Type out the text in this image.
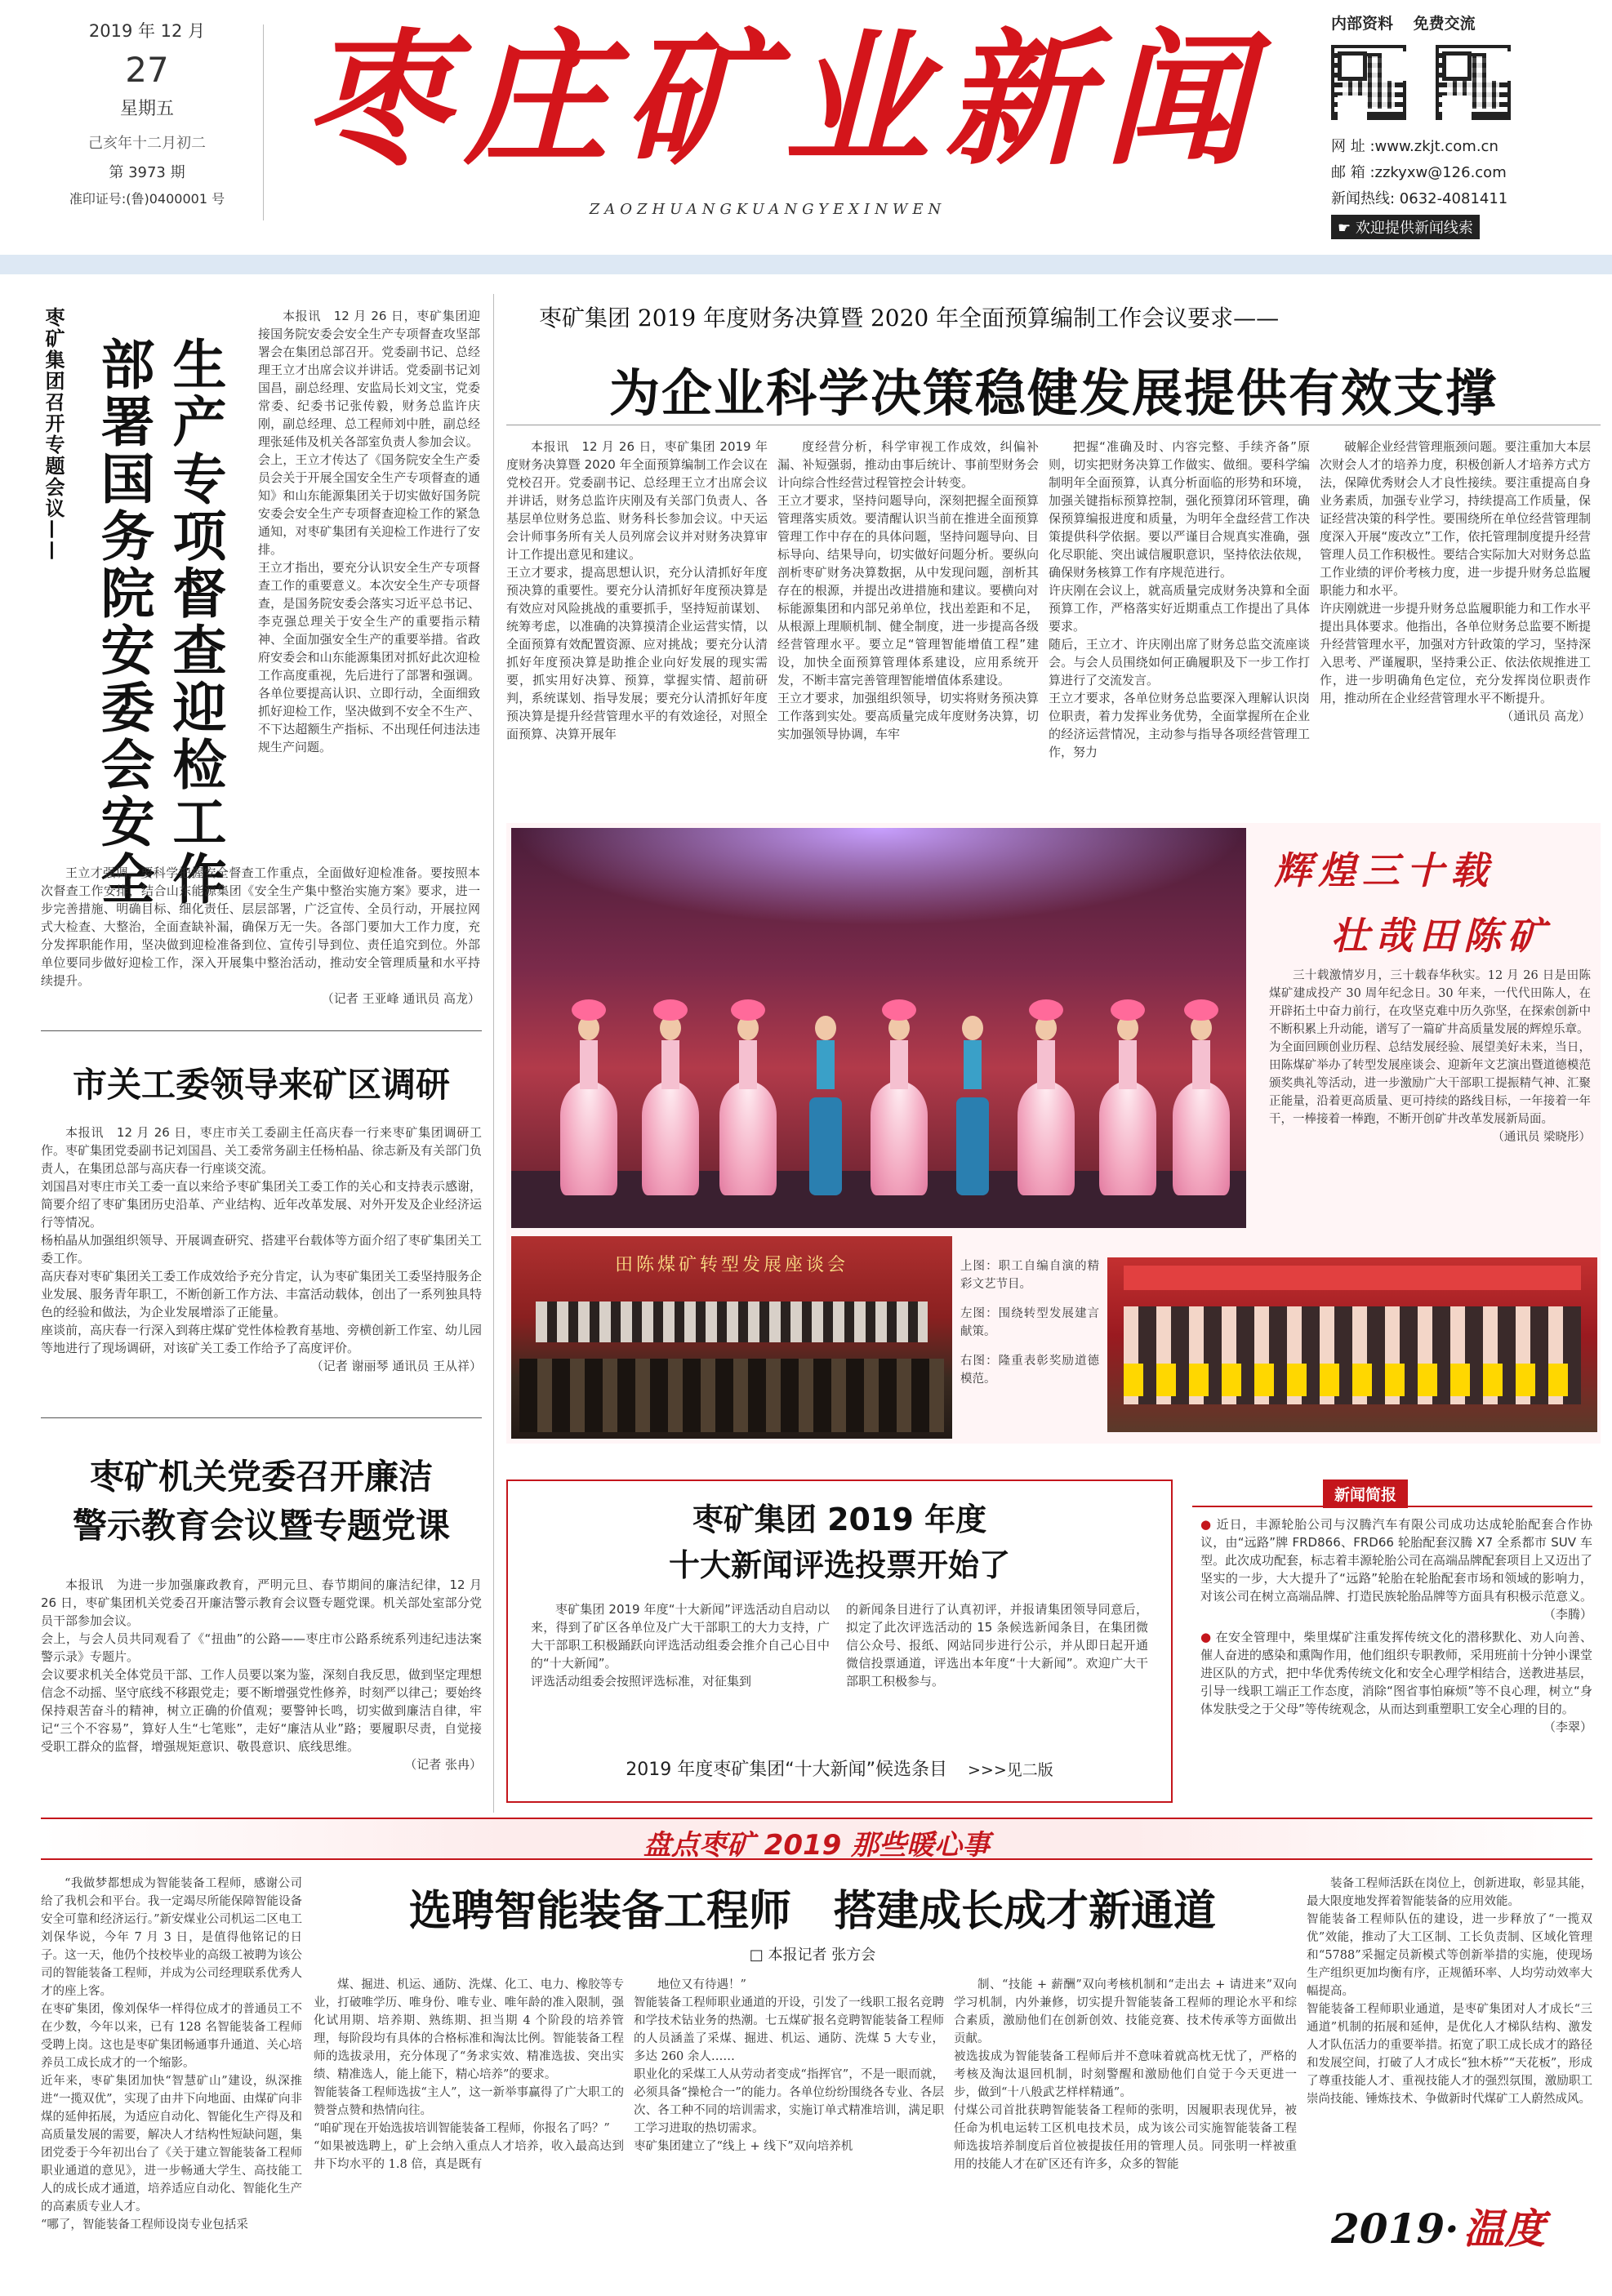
2019 年 12 月
27
星期五
己亥年十二月初二
第 3973 期
准印证号:(鲁)0400001 号
枣庄矿业新闻
ZAOZHUANGKUANGYEXINWEN
内部资料 免费交流
网 址 :www.zkjt.com.cn
邮 箱 :zzkyxw@126.com
新闻热线: 0632-4081411
☛ 欢迎提供新闻线索
枣矿集团召开专题会议—— 生产专项督查迎检工作
部署国务院安委会安全
本报讯　12 月 26 日，枣矿集团迎接国务院安委会安全生产专项督查攻坚部署会在集团总部召开。党委副书记、总经理王立才出席会议并讲话。党委副书记刘国昌，副总经理、安监局长刘文宝，党委常委、纪委书记张传毅，财务总监许庆刚，副总经理、总工程师刘中胜，副总经理张延伟及机关各部室负责人参加会议。
会上，王立才传达了《国务院安全生产委员会关于开展全国安全生产专项督查的通知》和山东能源集团关于切实做好国务院安委会安全生产专项督查迎检工作的紧急通知，对枣矿集团有关迎检工作进行了安排。
王立才指出，要充分认识安全生产专项督查工作的重要意义。本次安全生产专项督查，是国务院安委会落实习近平总书记、李克强总理关于安全生产的重要指示精神、全面加强安全生产的重要举措。省政府安委会和山东能源集团对抓好此次迎检工作高度重视，先后进行了部署和强调。各单位要提高认识、立即行动，全面细致抓好迎检工作，坚决做到不安全不生产、不下达超额生产指标、不出现任何违法违规生产问题。
王立才强调，要科学把握安全督查工作重点，全面做好迎检准备。要按照本次督查工作安排，结合山东能源集团《安全生产集中整治实施方案》要求，进一步完善措施、明确目标、细化责任、层层部署，广泛宣传、全员行动，开展拉网式大检查、大整治，全面查缺补漏，确保万无一失。各部门要加大工作力度，充分发挥职能作用，坚决做到迎检准备到位、宣传引导到位、责任追究到位。外部单位要同步做好迎检工作，深入开展集中整治活动，推动安全管理质量和水平持续提升。
（记者 王亚峰 通讯员 高龙）
市关工委领导来矿区调研
本报讯　12 月 26 日，枣庄市关工委副主任高庆春一行来枣矿集团调研工作。枣矿集团党委副书记刘国昌、关工委常务副主任杨柏晶、徐志新及有关部门负责人，在集团总部与高庆春一行座谈交流。
刘国昌对枣庄市关工委一直以来给予枣矿集团关工委工作的关心和支持表示感谢，简要介绍了枣矿集团历史沿革、产业结构、近年改革发展、对外开发及企业经济运行等情况。
杨柏晶从加强组织领导、开展调查研究、搭建平台载体等方面介绍了枣矿集团关工委工作。
高庆春对枣矿集团关工委工作成效给予充分肯定，认为枣矿集团关工委坚持服务企业发展、服务青年职工，不断创新工作方法、丰富活动载体，创出了一系列独具特色的经验和做法，为企业发展增添了正能量。
座谈前，高庆春一行深入到蒋庄煤矿党性体检教育基地、旁横创新工作室、幼儿园等地进行了现场调研，对该矿关工委工作给予了高度评价。
（记者 谢丽琴 通讯员 王从祥）
枣矿机关党委召开廉洁
警示教育会议暨专题党课
本报讯　为进一步加强廉政教育，严明元旦、春节期间的廉洁纪律，12 月 26 日，枣矿集团机关党委召开廉洁警示教育会议暨专题党课。机关部处室部分党员干部参加会议。
会上，与会人员共同观看了《“扭曲”的公路——枣庄市公路系统系列违纪违法案警示录》专题片。
会议要求机关全体党员干部、工作人员要以案为鉴，深刻自我反思，做到坚定理想信念不动摇、坚守底线不移跟党走；要不断增强党性修养，时刻严以律己；要始终保持艰苦奋斗的精神，树立正确的价值观；要警钟长鸣，切实做到廉洁自律，牢记“三个不容易”，算好人生“七笔账”，走好“廉洁从业”路；要履职尽责，自觉接受职工群众的监督，增强规矩意识、敬畏意识、底线思维。
（记者 张冉）
枣矿集团 2019 年度财务决算暨 2020 年全面预算编制工作会议要求——
为企业科学决策稳健发展提供有效支撑
本报讯　12 月 26 日，枣矿集团 2019 年度财务决算暨 2020 年全面预算编制工作会议在党校召开。党委副书记、总经理王立才出席会议并讲话，财务总监许庆刚及有关部门负责人、各基层单位财务总监、财务科长参加会议。中天运会计师事务所有关人员列席会议并对财务决算审计工作提出意见和建议。
王立才要求，提高思想认识，充分认清抓好年度预决算的重要性。要充分认清抓好年度预决算是有效应对风险挑战的重要抓手，坚持短前谋划、统筹考虑，以准确的决算摸清企业运营实情，以全面预算有效配置资源、应对挑战；要充分认清抓好年度预决算是助推企业向好发展的现实需要，抓实用好决算、预算，掌握实情、超前研判，系统谋划、指导发展；要充分认清抓好年度预决算是提升经营管理水平的有效途径，对照全面预算、决算开展年
度经营分析，科学审视工作成效，纠偏补漏、补短强弱，推动由事后统计、事前型财务会计向综合性经营过程管控会计转变。
王立才要求，坚持问题导向，深刻把握全面预算管理落实质效。要清醒认识当前在推进全面预算管理工作中存在的具体问题，坚持问题导向、目标导向、结果导向，切实做好问题分析。要纵向剖析枣矿财务决算数据，从中发现问题，剖析其存在的根源，并提出改进措施和建议。要横向对标能源集团和内部兄弟单位，找出差距和不足，从根源上理顺机制、健全制度，进一步提高各级经营管理水平。要立足“管理智能增值工程”建设，加快全面预算管理体系建设，应用系统开发，不断丰富完善管理智能增值体系建设。
王立才要求，加强组织领导，切实将财务预决算工作落到实处。要高质量完成年度财务决算，切实加强领导协调，车牢
把握“准确及时、内容完整、手续齐备”原则，切实把财务决算工作做实、做细。要科学编制明年全面预算，认真分析面临的形势和环境，加强关键指标预算控制，强化预算闭环管理，确保预算编报进度和质量，为明年全盘经营工作决策提供科学依据。要以严谨目合规真实准确，强化尽职能、突出诚信履职意识，坚持依法依规，确保财务核算工作有序规范进行。
许庆刚在会议上，就高质量完成财务决算和全面预算工作，严格落实好近期重点工作提出了具体要求。
随后，王立才、许庆刚出席了财务总监交流座谈会。与会人员围绕如何正确履职及下一步工作打算进行了交流发言。
王立才要求，各单位财务总监要深入理解认识岗位职责，着力发挥业务优势，全面掌握所在企业的经济运营情况，主动参与指导各项经营管理工作，努力
破解企业经营管理瓶颈问题。要注重加大本层次财会人才的培养力度，积极创新人才培养方式方法，保障优秀财会人才良性接续。要注重提高自身业务素质，加强专业学习，持续提高工作质量，保证经营决策的科学性。要围绕所在单位经营管理制度深入开展“废改立”工作，依托管理制度提升经营管理人员工作积极性。要结合实际加大对财务总监工作业绩的评价考核力度，进一步提升财务总监履职能力和水平。
许庆刚就进一步提升财务总监履职能力和工作水平提出具体要求。他指出，各单位财务总监要不断提升经营管理水平，加强对方针政策的学习，坚持深入思考、严谨履职，坚持秉公正、依法依规推进工作，进一步明确角色定位，充分发挥岗位职责作用，推动所在企业经营管理水平不断提升。
（通讯员 高龙）
辉煌三十载
壮哉田陈矿
三十载激情岁月，三十载春华秋实。12 月 26 日是田陈煤矿建成投产 30 周年纪念日。30 年来，一代代田陈人，在开辟拓土中奋力前行，在攻坚克难中历久弥坚，在探索创新中不断积累上升动能，谱写了一篇矿井高质量发展的辉煌乐章。
为全面回顾创业历程、总结发展经验、展望美好未来，当日，田陈煤矿举办了转型发展座谈会、迎新年文艺演出暨道德模范颁奖典礼等活动，进一步激励广大干部职工提振精气神、汇聚正能量，沿着更高质量、更可持续的路线目标，一年接着一年干，一棒接着一棒跑，不断开创矿井改革发展新局面。
（通讯员 梁晓彤）
田陈煤矿转型发展座谈会	上图：职工自编自演的精彩文艺节目。
左图：围绕转型发展建言献策。
右图：隆重表彰奖励道德模范。
枣矿集团 2019 年度
十大新闻评选投票开始了
枣矿集团 2019 年度“十大新闻”评选活动自启动以来，得到了矿区各单位及广大干部职工的大力支持，广大干部职工积极踊跃向评选活动组委会推介自己心目中的“十大新闻”。
评选活动组委会按照评选标准，对征集到
的新闻条目进行了认真初评，并报请集团领导同意后，拟定了此次评选活动的 15 条候选新闻条目，在集团微信公众号、报纸、网站同步进行公示，并从即日起开通微信投票通道，评选出本年度“十大新闻”。欢迎广大干部职工积极参与。
2019 年度枣矿集团“十大新闻”候选条目 >>>见二版
新闻简报
● 近日，丰源轮胎公司与汉腾汽车有限公司成功达成轮胎配套合作协议，由“远路”牌 FRD866、FRD66 轮胎配套汉腾 X7 全系都市 SUV 车型。此次成功配套，标志着丰源轮胎公司在高端品牌配套项目上又迈出了坚实的一步，大大提升了“远路”轮胎在轮胎配套市场和领域的影响力，对该公司在树立高端品牌、打造民族轮胎品牌等方面具有积极示范意义。
（李腾）
● 在安全管理中，柴里煤矿注重发挥传统文化的潜移默化、劝人向善、催人奋进的感染和熏陶作用，他们组织专职教师，采用班前十分钟小课堂进区队的方式，把中华优秀传统文化和安全心理学相结合，送教进基层，引导一线职工端正工作态度，消除“图省事怕麻烦”等不良心理，树立“身体发肤受之于父母”等传统观念，从而达到重塑职工安全心理的目的。
（李翠）
盘点枣矿 2019 那些暖心事
选聘智能装备工程师　搭建成长成才新通道
□ 本报记者 张方会
“我做梦都想成为智能装备工程师，感谢公司给了我机会和平台。我一定竭尽所能保障智能设备安全可靠和经济运行。”新安煤业公司机运二区电工刘保华说，今年 7 月 3 日，是值得他铭记的日子。这一天，他仍个技校毕业的高级工被聘为该公司的智能装备工程师，并成为公司经理联系优秀人才的座上客。
在枣矿集团，像刘保华一样得位成才的普通员工不在少数，今年以来，已有 128 名智能装备工程师受聘上岗。这也是枣矿集团畅通事升通道、关心培养员工成长成才的一个缩影。
近年来，枣矿集团加快“智慧矿山”建设，纵深推进“一揽双优”，实现了由井下向地面、由煤矿向非煤的延伸拓展，为适应自动化、智能化生产得及和高质量发展的需要，解决人才结构性短缺问题，集团党委于今年初出台了《关于建立智能装备工程师职业通道的意见》，进一步畅通大学生、高技能工人的成长成才通道，培养适应自动化、智能化生产的高素质专业人才。
“哪了，智能装备工程师设岗专业包括采
煤、掘进、机运、通防、洗煤、化工、电力、橡胶等专业，打破唯学历、唯身份、唯专业、唯年龄的准入限制，强化试用期、培养期、熟练期、担当期 4 个阶段的培养管理，每阶段均有具体的合格标准和淘汰比例。智能装备工程师的选拔录用，充分体现了“务求实效、精准选拔、突出实绩、精准选人，能上能下，精心培养”的要求。
智能装备工程师选拔“主人”，这一新举事赢得了广大职工的赞誉点赞和热情向往。
“咱矿现在开始选拔培训智能装备工程师，你报名了吗？”
“如果被选聘上，矿上会纳入重点人才培养，收入最高达到井下均水平的 1.8 倍，真是既有
地位又有待遇！”
智能装备工程师职业通道的开设，引发了一线职工报名竞聘和学技术钻业务的热潮。七五煤矿报名竞聘智能装备工程师的人员涵盖了采煤、掘进、机运、通防、洗煤 5 大专业，多达 260 余人……
职业化的采煤工人从劳动者变成“指挥官”，不是一眼而就，必须具备“操枪合一”的能力。各单位纷纷围绕各专业、各层次、各工种不同的培训需求，实施订单式精准培训，满足职工学习进取的热切需求。
枣矿集团建立了“线上 + 线下”双向培养机
制、“技能 + 薪酬”双向考核机制和“走出去 + 请进来”双向学习机制，内外兼修，切实提升智能装备工程师的理论水平和综合素质，激励他们在创新创效、技能竞赛、技术传承等方面做出贡献。
被选拔成为智能装备工程师后并不意味着就高枕无忧了，严格的考核及淘汰退回机制，时刻警醒和激励他们自觉于今天更进一步，做到“十八般武艺样样精通”。
付煤公司首批获聘智能装备工程师的张明，因履职表现优异，被任命为机电运转工区机电技术员，成为该公司实施智能装备工程师选拔培养制度后首位被提拔任用的管理人员。同张明一样被重用的技能人才在矿区还有许多，众多的智能
装备工程师活跃在岗位上，创新进取，彰显其能，最大限度地发挥着智能装备的应用效能。
智能装备工程师队伍的建设，进一步释放了“一揽双优”效能，推动了大工区制、工长负责制、区域化管理和“5788”采掘定员新模式等创新举措的实施，使现场生产组织更加均衡有序，正规循环率、人均劳动效率大幅提高。
智能装备工程师职业通道，是枣矿集团对人才成长“三通道”机制的拓展和延伸，是优化人才梯队结构、激发人才队伍活力的重要举措。拓宽了职工成长成才的路径和发展空间，打破了人才成长“独木桥”“天花板”，形成了尊重技能人才、重视技能人才的强烈氛围，激励职工崇尚技能、锤炼技术、争做新时代煤矿工人蔚然成风。
2019· 温度
